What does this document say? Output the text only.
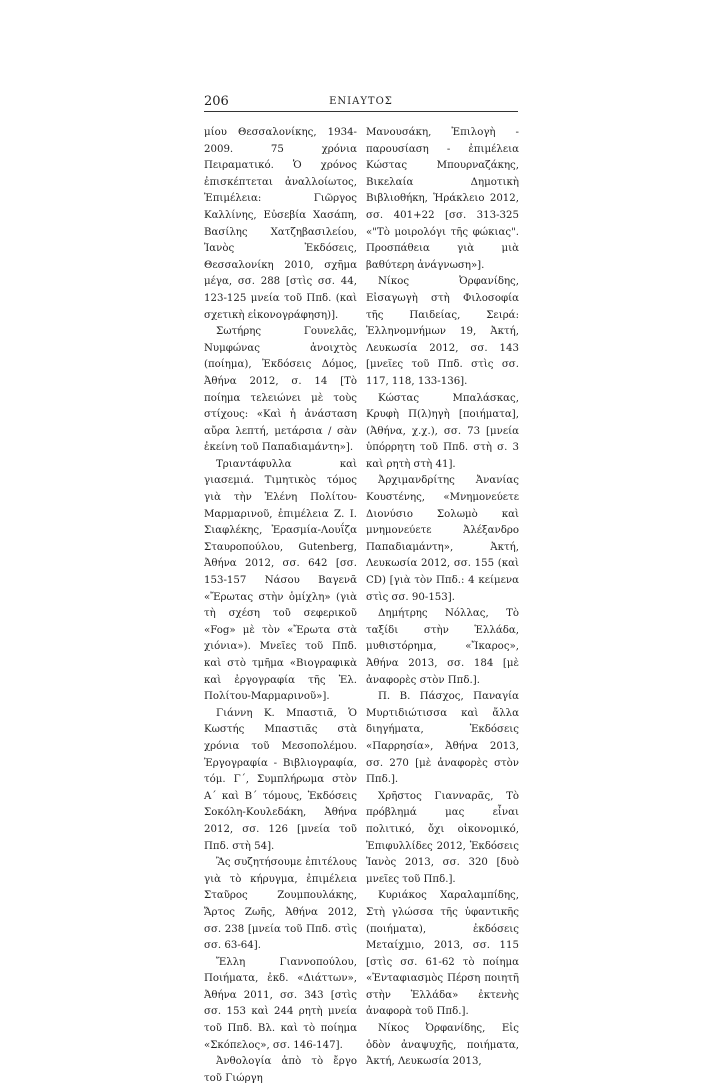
206	ΕΝΙΑΥΤΟΣ

μίου Θεσσαλονίκης, 1934-2009. 75 χρόνια Πειραματικό. Ὁ χρόνος ἐπισκέπτεται ἀναλλοίωτος, Ἐπιμέλεια: Γιῶργος Καλλίνης, Εὐσεβία Χασάπη, Βασίλης Χατζηβασιλείου, Ἰανὸς Ἐκδόσεις, Θεσσαλονίκη 2010, σχῆμα μέγα, σσ. 288 [στὶς σσ. 44, 123-125 μνεία τοῦ Ππδ. (καὶ σχετικὴ εἰκονογράφηση)].

Σωτήρης Γουνελᾶς, Νυμφώνας ἀνοιχτὸς (ποίημα), Ἐκδόσεις Δόμος, Ἀθήνα 2012, σ. 14 [Τὸ ποίημα τελειώνει μὲ τοὺς στίχους: «Καὶ ἡ ἀνάσταση αὔρα λεπτή, μετάρσια / σὰν ἐκείνη τοῦ Παπαδιαμάντη»].

Τριαντάφυλλα καὶ γιασεμιά. Τιμητικὸς τόμος γιὰ τὴν Ἑλένη Πολίτου-Μαρμαρινοῦ, ἐπιμέλεια Ζ. Ι. Σιαφλέκης, Ἐρασμία-Λουΐζα Σταυροπούλου, Gutenberg, Ἀθήνα 2012, σσ. 642 [σσ. 153-157 Νάσου Βαγενᾶ «Ἔρωτας στὴν ὁμίχλη» (γιὰ τὴ σχέση τοῦ σεφερικοῦ «Fog» μὲ τὸν «Ἔρωτα στὰ χιόνια»). Μνεῖες τοῦ Ππδ. καὶ στὸ τμῆμα «Βιογραφικὰ καὶ ἐργογραφία τῆς Ἑλ. Πολίτου-Μαρμαρινοῦ»].

Γιάννη Κ. Μπαστιᾶ, Ὁ Κωστής Μπαστιᾶς στὰ χρόνια τοῦ Μεσοπολέμου. Ἐργογραφία - Βιβλιογραφία, τόμ. Γ΄, Συμπλήρωμα στὸν Α΄ καὶ Β΄ τόμους, Ἐκδόσεις Σοκόλη-Κουλεδάκη, Ἀθήνα 2012, σσ. 126 [μνεία τοῦ Ππδ. στὴ 54].

Ἂς συζητήσουμε ἐπιτέλους γιὰ τὸ κήρυγμα, ἐπιμέλεια Σταῦρος Ζουμπουλάκης, Ἄρτος Ζωῆς, Ἀθήνα 2012, σσ. 238 [μνεία τοῦ Ππδ. στὶς σσ. 63-64].

Ἔλλη Γιαννοπούλου, Ποιήματα, ἐκδ. «Διάττων», Ἀθήνα 2011, σσ. 343 [στὶς σσ. 153 καὶ 244 ρητὴ μνεία τοῦ Ππδ. Βλ. καὶ τὸ ποίημα «Σκόπελος», σσ. 146-147].

Ἀνθολογία ἀπὸ τὸ ἔργο τοῦ Γιώργη

Μανουσάκη, Ἐπιλογὴ - παρουσίαση - ἐπιμέλεια Κώστας Μπουρναζάκης, Βικελαία Δημοτικὴ Βιβλιοθήκη, Ἡράκλειο 2012, σσ. 401+22 [σσ. 313-325 «"Τὸ μοιρολόγι τῆς φώκιας". Προσπάθεια γιὰ μιὰ βαθύτερη ἀνάγνωση»].

Νίκος Ὀρφανίδης, Εἰσαγωγὴ στὴ Φιλοσοφία τῆς Παιδείας, Σειρά: Ἑλληνομνήμων 19, Ἀκτή, Λευκωσία 2012, σσ. 143 [μνεῖες τοῦ Ππδ. στὶς σσ. 117, 118, 133-136].

Κώστας Μπαλάσκας, Κρυφὴ Π(λ)ηγὴ [ποιήματα], (Ἀθήνα, χ.χ.), σσ. 73 [μνεία ὑπόρρητη τοῦ Ππδ. στὴ σ. 3 καὶ ρητὴ στὴ 41].

Ἀρχιμανδρίτης Ἀνανίας Κουστένης, «Μνημονεύετε Διονύσιο Σολωμὸ καὶ μνημονεύετε Ἀλέξανδρο Παπαδιαμάντη», Ἀκτή, Λευκωσία 2012, σσ. 155 (καὶ CD) [γιὰ τὸν Ππδ.: 4 κείμενα στὶς σσ. 90-153].

Δημήτρης Νόλλας, Τὸ ταξίδι στὴν Ἑλλάδα, μυθιστόρημα, «Ἴκαρος», Ἀθήνα 2013, σσ. 184 [μὲ ἀναφορὲς στὸν Ππδ.].

Π. Β. Πάσχος, Παναγία Μυρτιδιώτισσα καὶ ἄλλα διηγήματα, Ἐκδόσεις «Παρρησία», Ἀθήνα 2013, σσ. 270 [μὲ ἀναφορὲς στὸν Ππδ.].

Χρῆστος Γιανναρᾶς, Τὸ πρόβλημά μας εἶναι πολιτικό, ὄχι οἰκονομικό, Ἐπιφυλλίδες 2012, Ἐκδόσεις Ἰανὸς 2013, σσ. 320 [δυὸ μνεῖες τοῦ Ππδ.].

Κυριάκος Χαραλαμπίδης, Στὴ γλώσσα τῆς ὑφαντικῆς (ποιήματα), ἐκδόσεις Μεταίχμιο, 2013, σσ. 115 [στὶς σσ. 61-62 τὸ ποίημα «Ἐνταφιασμὸς Πέρση ποιητῆ στὴν Ἑλλάδα» ἐκτενὴς ἀναφορὰ τοῦ Ππδ.].

Νίκος Ὀρφανίδης, Εἰς ὁδὸν ἀναψυχῆς, ποιήματα, Ἀκτή, Λευκωσία 2013,
